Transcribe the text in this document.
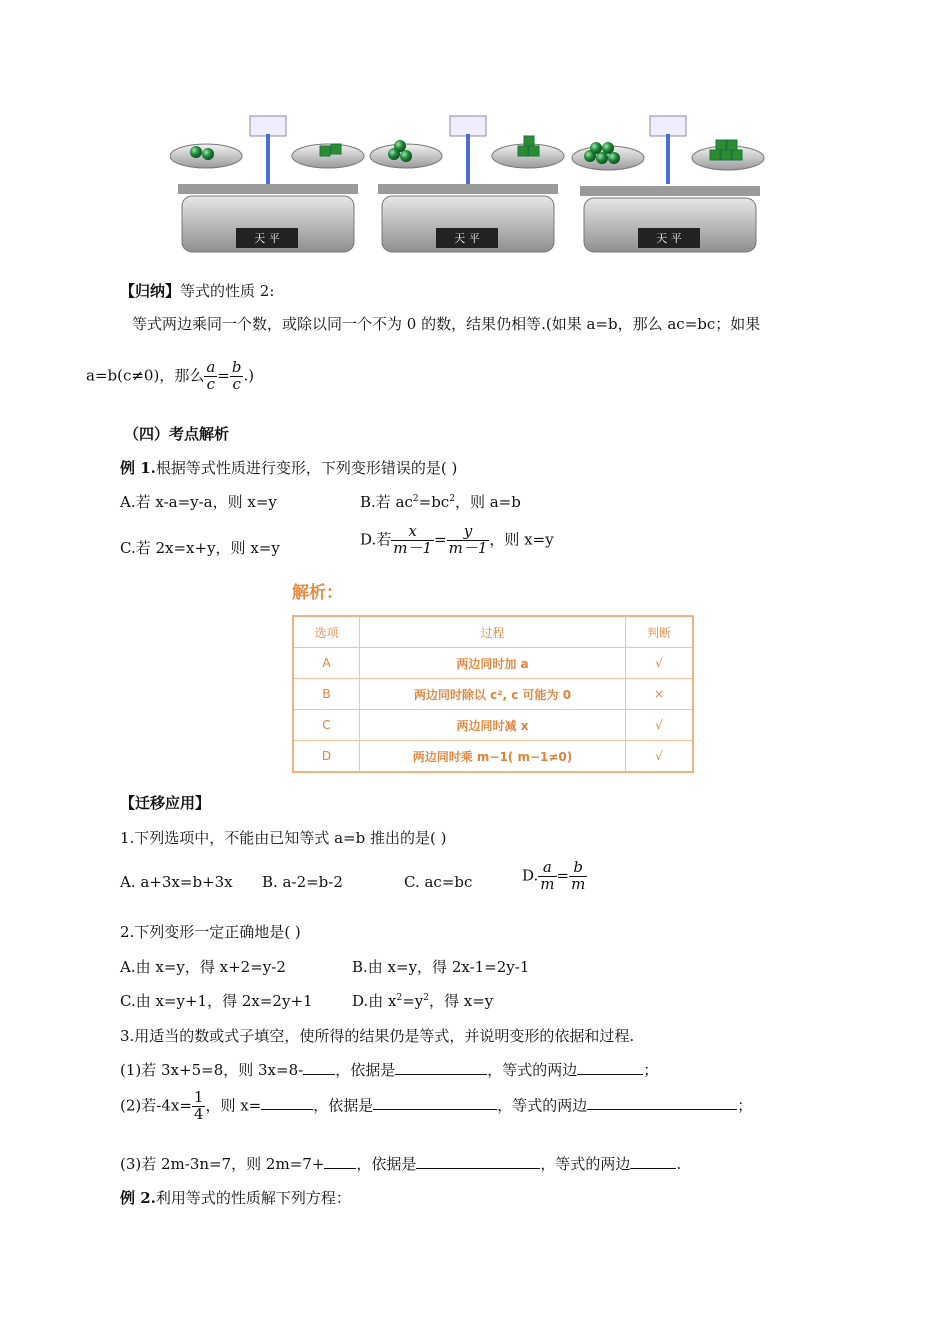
天 平	天 平	天 平
【归纳】等式的性质 2:
等式两边乘同一个数，或除以同一个不为 0 的数，结果仍相等.(如果 a=b，那么 ac=bc；如果
a=b(c≠0)，那么 $\frac{a}{c} = \frac{b}{c}$ .)
（四）考点解析
例 1.根据等式性质进行变形，下列变形错误的是( )
A.若 x-a=y-a，则 x=y	B.若 $ac^2=bc^2$，则 a=b
C.若 2x=x+y，则 x=y	D.若 $\frac{x}{m-1} = \frac{y}{m-1}$ ，则 x=y
解析：
选项	过程	判断
A	两边同时加 a	√
B	两边同时除以 c², c 可能为 0	×
C	两边同时减 x	√
D	两边同时乘 m−1( m−1≠0)	√
【迁移应用】
1.下列选项中，不能由已知等式 a=b 推出的是( )
A. a+3x=b+3x B. a-2=b-2	C. ac=bc	D. $\frac{a}{m} = \frac{b}{m}$
2.下列变形一定正确地是( )
A.由 x=y，得 x+2=y-2	B.由 x=y，得 2x-1=2y-1
C.由 x=y+1，得 2x=2y+1	D.由 $x^2=y^2$，得 x=y
3.用适当的数或式子填空，使所得的结果仍是等式，并说明变形的依据和过程.
(1)若 3x+5=8，则 3x=8- ，依据是	，等式的两边	；
(2)若$-4x= \frac{1}{4}$ ，则 x=	，依据是	，等式的两边	；
(3)若 2m-3n=7，则 2m=7+ ，依据是	，等式的两边	.
例 2.利用等式的性质解下列方程：
